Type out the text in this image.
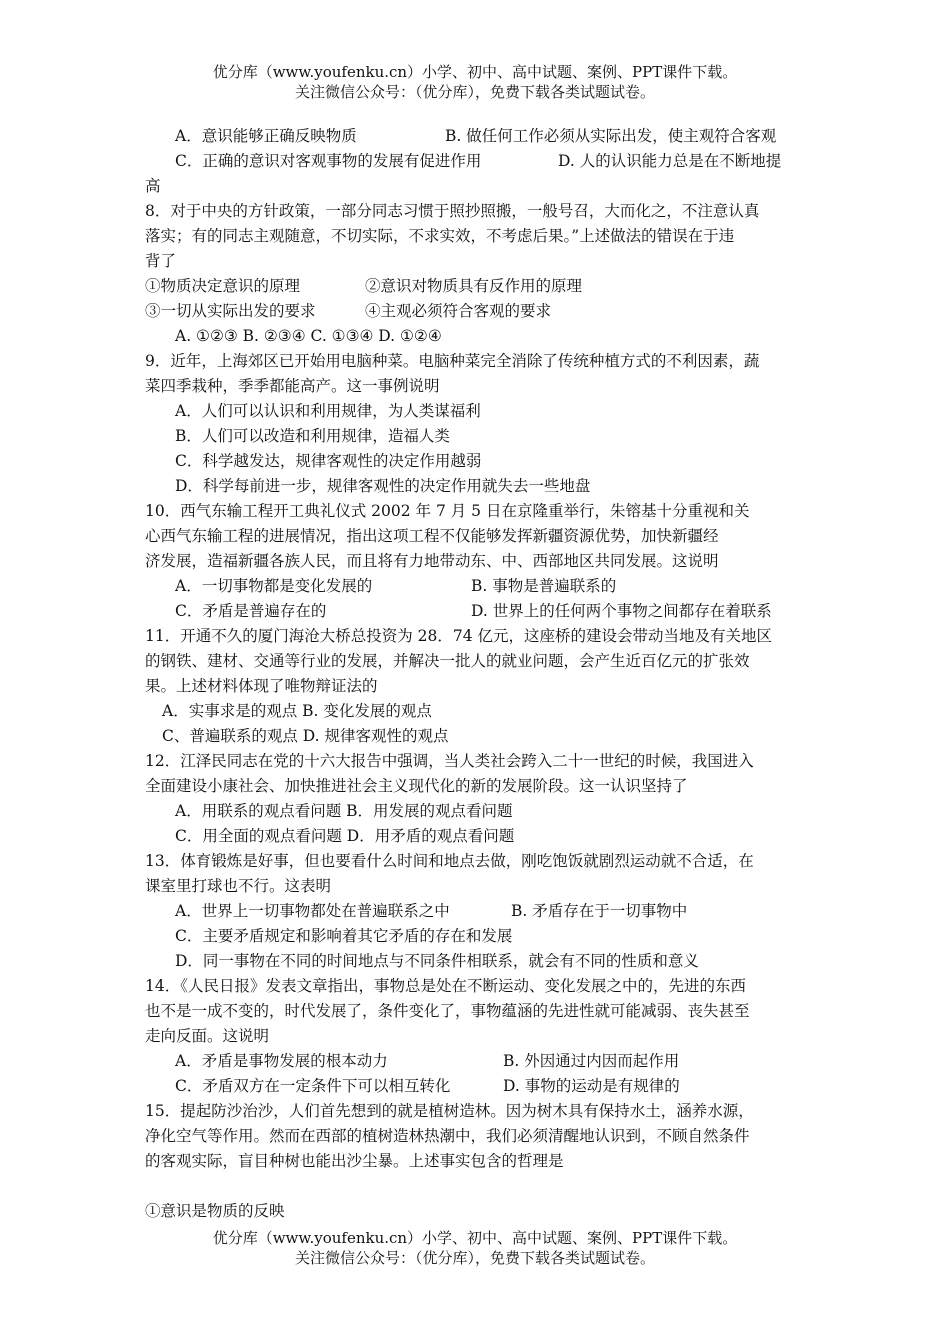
优分库（www.youfenku.cn）小学、初中、高中试题、案例、PPT课件下载。
关注微信公众号：（优分库），免费下载各类试题试卷。
A．意识能够正确反映物质	B. 做任何工作必须从实际出发，使主观符合客观
C．正确的意识对客观事物的发展有促进作用	D. 人的认识能力总是在不断地提
高
8．对于中央的方针政策，一部分同志习惯于照抄照搬，一般号召，大而化之，不注意认真
落实；有的同志主观随意，不切实际，不求实效，不考虑后果。”上述做法的错误在于违
背了
①物质决定意识的原理	②意识对物质具有反作用的原理
③一切从实际出发的要求	④主观必须符合客观的要求
A. ①②③ B. ②③④ C. ①③④ D. ①②④
9．近年，上海郊区已开始用电脑种菜。电脑种菜完全消除了传统种植方式的不利因素，蔬
菜四季栽种，季季都能高产。这一事例说明
A．人们可以认识和利用规律，为人类谋福利
B．人们可以改造和利用规律，造福人类
C．科学越发达，规律客观性的决定作用越弱
D．科学每前进一步，规律客观性的决定作用就失去一些地盘
10．西气东输工程开工典礼仪式 2002 年 7 月 5 日在京隆重举行，朱镕基十分重视和关
心西气东输工程的进展情况，指出这项工程不仅能够发挥新疆资源优势，加快新疆经
济发展，造福新疆各族人民，而且将有力地带动东、中、西部地区共同发展。这说明
A．一切事物都是变化发展的	B. 事物是普遍联系的
C．矛盾是普遍存在的	D. 世界上的任何两个事物之间都存在着联系
11．开通不久的厦门海沧大桥总投资为 28．74 亿元，这座桥的建设会带动当地及有关地区
的钢铁、建材、交通等行业的发展，并解决一批人的就业问题，会产生近百亿元的扩张效
果。上述材料体现了唯物辩证法的
A．实事求是的观点 B. 变化发展的观点
C、普遍联系的观点 D. 规律客观性的观点
12．江泽民同志在党的十六大报告中强调，当人类社会跨入二十一世纪的时候，我国进入
全面建设小康社会、加快推进社会主义现代化的新的发展阶段。这一认识坚持了
A．用联系的观点看问题 B．用发展的观点看问题
C．用全面的观点看问题 D．用矛盾的观点看问题
13．体育锻炼是好事，但也要看什么时间和地点去做，刚吃饱饭就剧烈运动就不合适，在
课室里打球也不行。这表明
A．世界上一切事物都处在普遍联系之中	B. 矛盾存在于一切事物中
C．主要矛盾规定和影响着其它矛盾的存在和发展
D．同一事物在不同的时间地点与不同条件相联系，就会有不同的性质和意义
14．《人民日报》发表文章指出，事物总是处在不断运动、变化发展之中的，先进的东西
也不是一成不变的，时代发展了，条件变化了，事物蕴涵的先进性就可能减弱、丧失甚至
走向反面。这说明
A．矛盾是事物发展的根本动力	B. 外因通过内因而起作用
C．矛盾双方在一定条件下可以相互转化	D. 事物的运动是有规律的
15．提起防沙治沙，人们首先想到的就是植树造林。因为树木具有保持水土，涵养水源，
净化空气等作用。然而在西部的植树造林热潮中，我们必须清醒地认识到，不顾自然条件
的客观实际，盲目种树也能出沙尘暴。上述事实包含的哲理是
①意识是物质的反映
优分库（www.youfenku.cn）小学、初中、高中试题、案例、PPT课件下载。
关注微信公众号：（优分库），免费下载各类试题试卷。
